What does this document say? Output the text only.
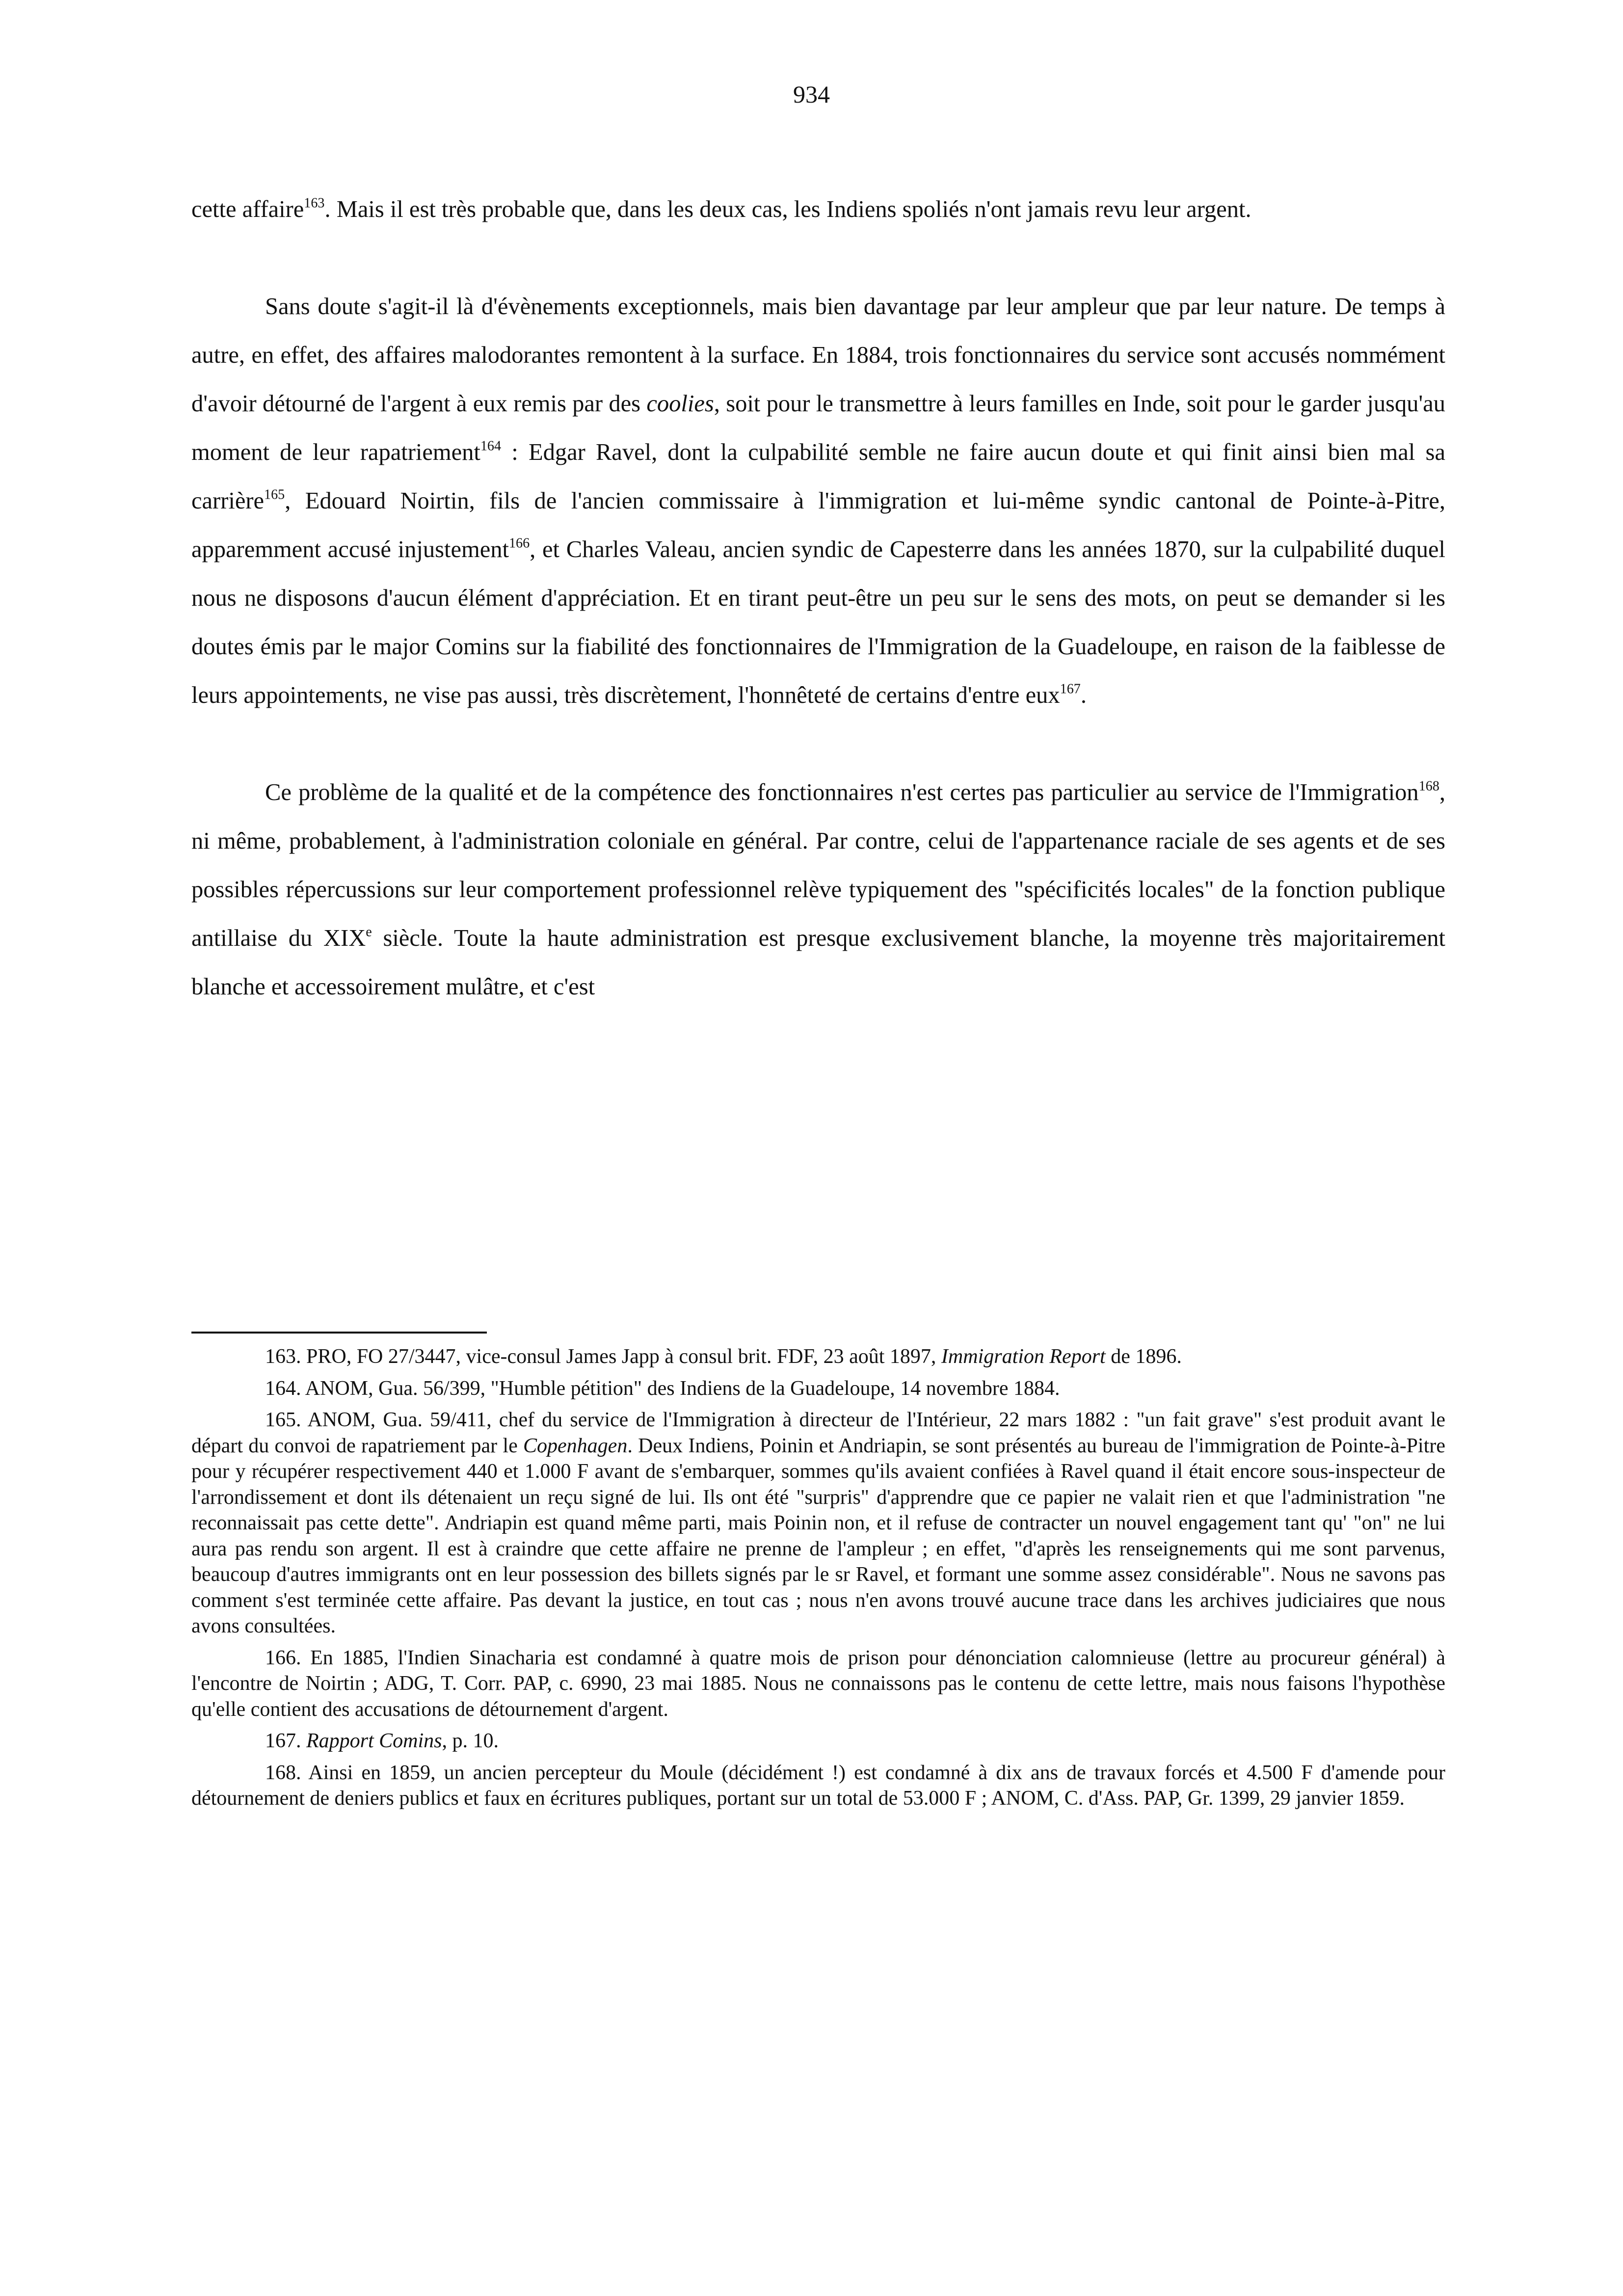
934

cette affaire$^{163}$. Mais il est très probable que, dans les deux cas, les Indiens spoliés n'ont jamais revu leur argent.

Sans doute s'agit-il là d'évènements exceptionnels, mais bien davantage par leur ampleur que par leur nature. De temps à autre, en effet, des affaires malodorantes remontent à la surface. En 1884, trois fonctionnaires du service sont accusés nommément d'avoir détourné de l'argent à eux remis par des coolies, soit pour le transmettre à leurs familles en Inde, soit pour le garder jusqu'au moment de leur rapatriement$^{164}$ : Edgar Ravel, dont la culpabilité semble ne faire aucun doute et qui finit ainsi bien mal sa carrière$^{165}$, Edouard Noirtin, fils de l'ancien commissaire à l'immigration et lui-même syndic cantonal de Pointe-à-Pitre, apparemment accusé injustement$^{166}$, et Charles Valeau, ancien syndic de Capesterre dans les années 1870, sur la culpabilité duquel nous ne disposons d'aucun élément d'appréciation. Et en tirant peut-être un peu sur le sens des mots, on peut se demander si les doutes émis par le major Comins sur la fiabilité des fonctionnaires de l'Immigration de la Guadeloupe, en raison de la faiblesse de leurs appointements, ne vise pas aussi, très discrètement, l'honnêteté de certains d'entre eux$^{167}$.

Ce problème de la qualité et de la compétence des fonctionnaires n'est certes pas particulier au service de l'Immigration$^{168}$, ni même, probablement, à l'administration coloniale en général. Par contre, celui de l'appartenance raciale de ses agents et de ses possibles répercussions sur leur comportement professionnel relève typiquement des "spécificités locales" de la fonction publique antillaise du XIXe siècle. Toute la haute administration est presque exclusivement blanche, la moyenne très majoritairement blanche et accessoirement mulâtre, et c'est

163. PRO, FO 27/3447, vice-consul James Japp à consul brit. FDF, 23 août 1897, Immigration Report de 1896.

164. ANOM, Gua. 56/399, "Humble pétition" des Indiens de la Guadeloupe, 14 novembre 1884.

165. ANOM, Gua. 59/411, chef du service de l'Immigration à directeur de l'Intérieur, 22 mars 1882 : "un fait grave" s'est produit avant le départ du convoi de rapatriement par le Copenhagen. Deux Indiens, Poinin et Andriapin, se sont présentés au bureau de l'immigration de Pointe-à-Pitre pour y récupérer respectivement 440 et 1.000 F avant de s'embarquer, sommes qu'ils avaient confiées à Ravel quand il était encore sous-inspecteur de l'arrondissement et dont ils détenaient un reçu signé de lui. Ils ont été "surpris" d'apprendre que ce papier ne valait rien et que l'administration "ne reconnaissait pas cette dette". Andriapin est quand même parti, mais Poinin non, et il refuse de contracter un nouvel engagement tant qu' "on" ne lui aura pas rendu son argent. Il est à craindre que cette affaire ne prenne de l'ampleur ; en effet, "d'après les renseignements qui me sont parvenus, beaucoup d'autres immigrants ont en leur possession des billets signés par le sr Ravel, et formant une somme assez considérable". Nous ne savons pas comment s'est terminée cette affaire. Pas devant la justice, en tout cas ; nous n'en avons trouvé aucune trace dans les archives judiciaires que nous avons consultées.

166. En 1885, l'Indien Sinacharia est condamné à quatre mois de prison pour dénonciation calomnieuse (lettre au procureur général) à l'encontre de Noirtin ; ADG, T. Corr. PAP, c. 6990, 23 mai 1885. Nous ne connaissons pas le contenu de cette lettre, mais nous faisons l'hypothèse qu'elle contient des accusations de détournement d'argent.

167. Rapport Comins, p. 10.

168. Ainsi en 1859, un ancien percepteur du Moule (décidément !) est condamné à dix ans de travaux forcés et 4.500 F d'amende pour détournement de deniers publics et faux en écritures publiques, portant sur un total de 53.000 F ; ANOM, C. d'Ass. PAP, Gr. 1399, 29 janvier 1859.
